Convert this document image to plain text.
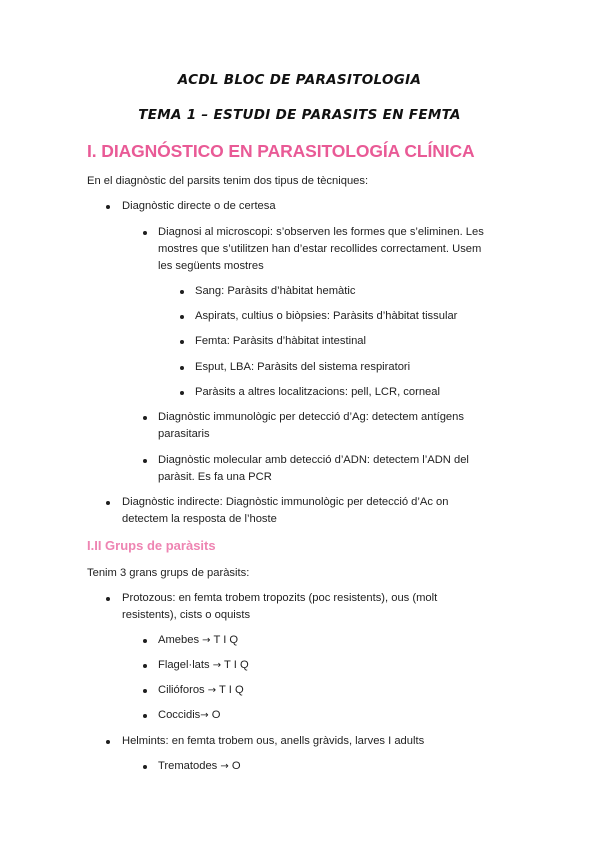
ACDL BLOC DE PARASITOLOGIA
TEMA 1 – ESTUDI DE PARASITS EN FEMTA
I. DIAGNÓSTICO EN PARASITOLOGÍA CLÍNICA
En el diagnòstic del parsits tenim dos tipus de tècniques:
Diagnòstic directe o de certesa
Diagnosi al microscopi: s’observen les formes que s’eliminen. Les
mostres que s’utilitzen han d’estar recollides correctament. Usem
les següents mostres
Sang: Paràsits d’hàbitat hemàtic
Aspirats, cultius o biòpsies: Paràsits d’hàbitat tissular
Femta: Paràsits d’hàbitat intestinal
Esput, LBA: Paràsits del sistema respiratori
Paràsits a altres localitzacions: pell, LCR, corneal
Diagnòstic immunològic per detecció d’Ag: detectem antígens
parasitaris
Diagnòstic molecular amb detecció d’ADN: detectem l’ADN del
paràsit. Es fa una PCR
Diagnòstic indirecte: Diagnòstic immunològic per detecció d’Ac on
detectem la resposta de l’hoste
I.II Grups de paràsits
Tenim 3 grans grups de paràsits:
Protozous: en femta trobem tropozits (poc resistents), ous (molt
resistents), cists o oquists
Amebes → T I Q
Flagel·lats → T I Q
Cilióforos → T I Q
Coccidis→ O
Helmints: en femta trobem ous, anells gràvids, larves I adults
Trematodes → O
